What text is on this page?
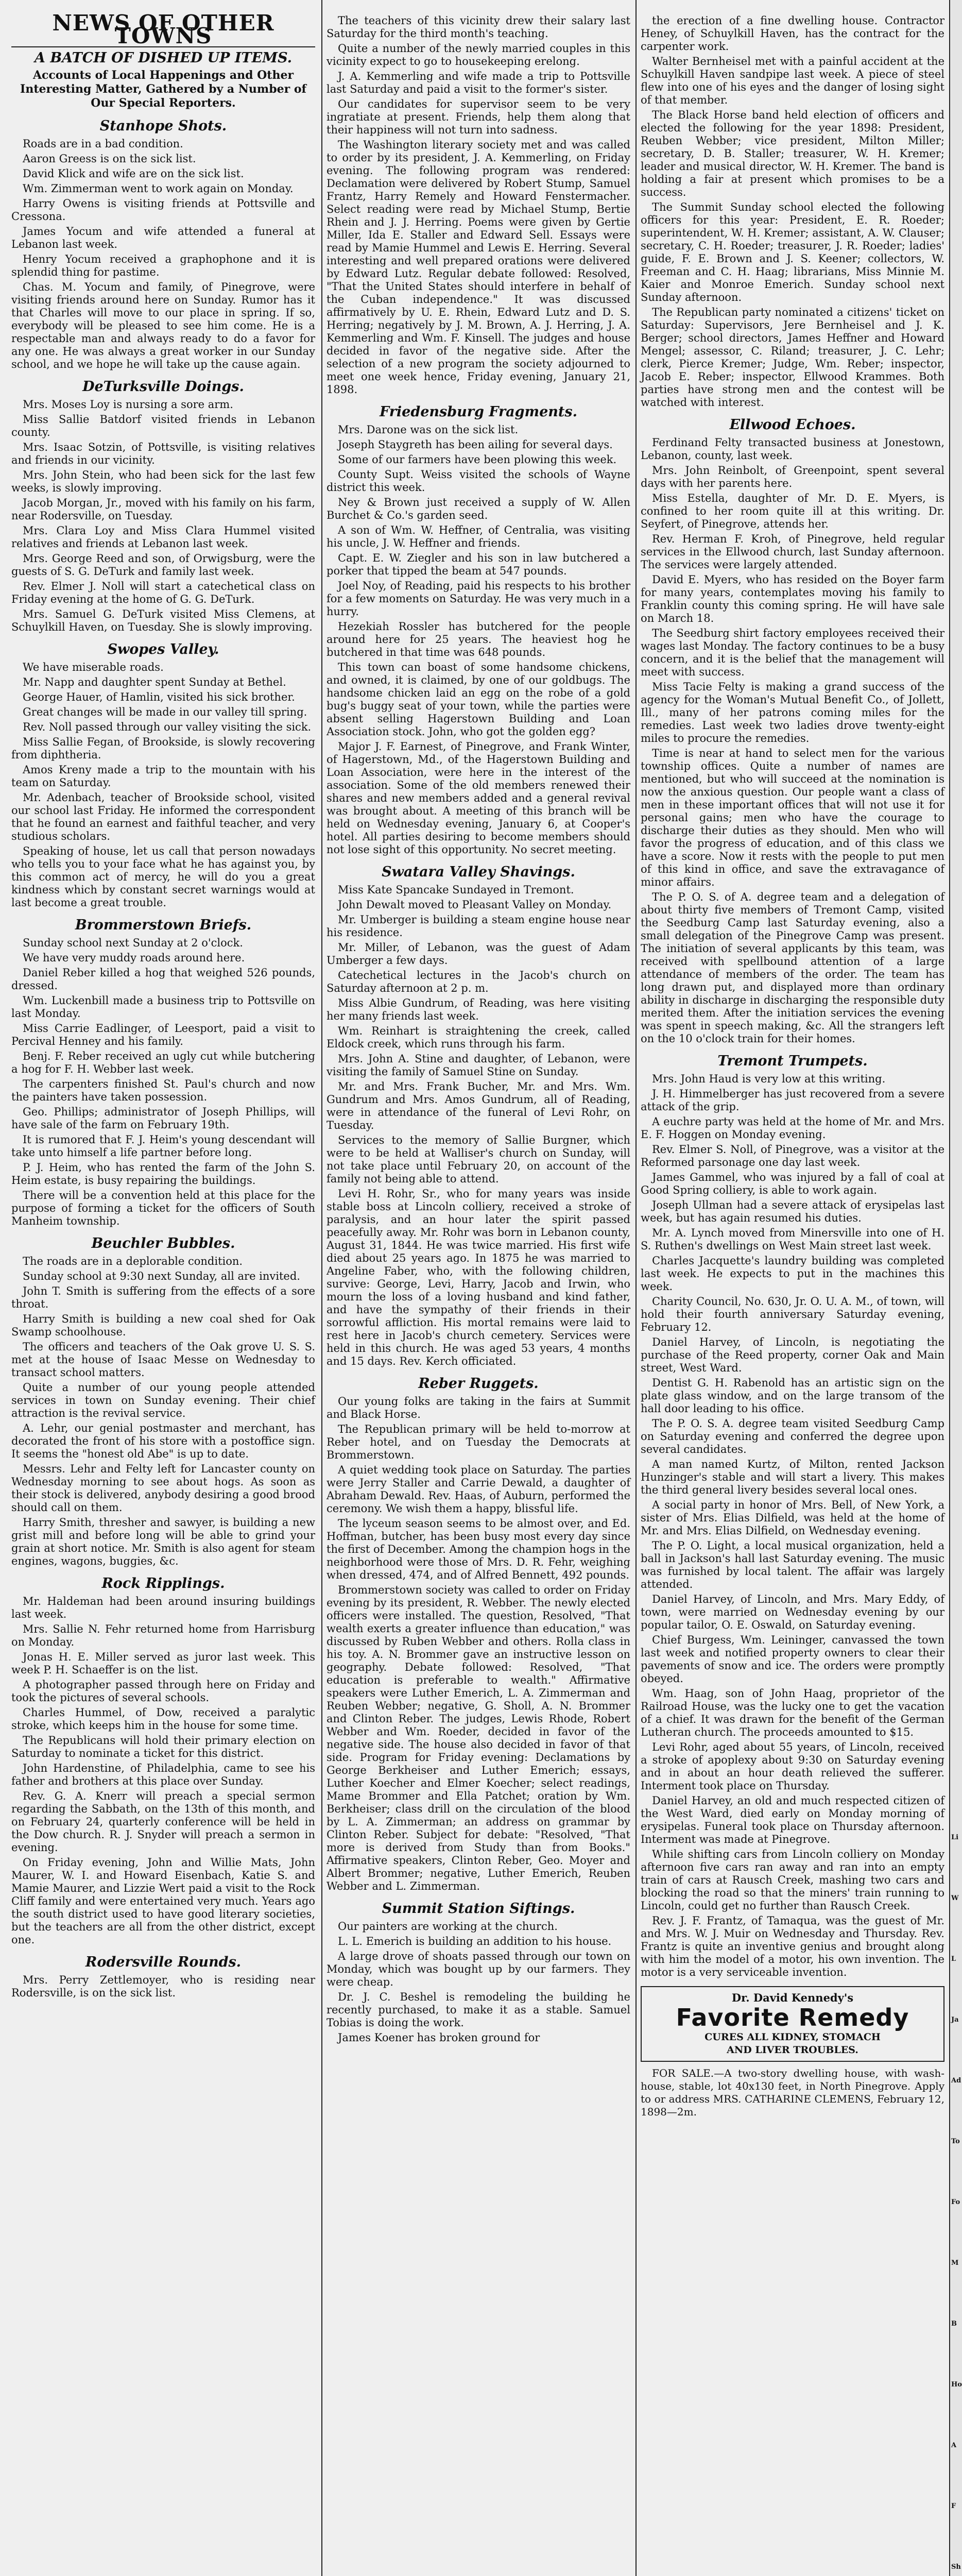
NEWS OF OTHER TOWNS
A BATCH OF DISHED UP ITEMS.
Accounts of Local Happenings and Other Interesting Matter, Gathered by a Number of Our Special Reporters.
Stanhope Shots.

Roads are in a bad condition.

Aaron Greess is on the sick list.

David Klick and wife are on the sick list.

Wm. Zimmerman went to work again on Monday.

Harry Owens is visiting friends at Pottsville and Cressona.

James Yocum and wife attended a funeral at Lebanon last week.

Henry Yocum received a graphophone and it is splendid thing for pastime.

Chas. M. Yocum and family, of Pinegrove, were visiting friends around here on Sunday. Rumor has it that Charles will move to our place in spring. If so, everybody will be pleased to see him come. He is a respectable man and always ready to do a favor for any one. He was always a great worker in our Sunday school, and we hope he will take up the cause again.

DeTurksville Doings.

Mrs. Moses Loy is nursing a sore arm.

Miss Sallie Batdorf visited friends in Lebanon county.

Mrs. Isaac Sotzin, of Pottsville, is visiting relatives and friends in our vicinity.

Mrs. John Stein, who had been sick for the last few weeks, is slowly improving.

Jacob Morgan, Jr., moved with his family on his farm, near Rodersville, on Tuesday.

Mrs. Clara Loy and Miss Clara Hummel visited relatives and friends at Lebanon last week.

Mrs. George Reed and son, of Orwigsburg, were the guests of S. G. DeTurk and family last week.

Rev. Elmer J. Noll will start a catechetical class on Friday evening at the home of G. G. DeTurk.

Mrs. Samuel G. DeTurk visited Miss Clemens, at Schuylkill Haven, on Tuesday. She is slowly improving.

Swopes Valley.

We have miserable roads.

Mr. Napp and daughter spent Sunday at Bethel.

George Hauer, of Hamlin, visited his sick brother.

Great changes will be made in our valley till spring.

Rev. Noll passed through our valley visiting the sick.

Miss Sallie Fegan, of Brookside, is slowly recovering from diphtheria.

Amos Kreny made a trip to the mountain with his team on Saturday.

Mr. Adenbach, teacher of Brookside school, visited our school last Friday. He informed the correspondent that he found an earnest and faithful teacher, and very studious scholars.

Speaking of house, let us call that person nowadays who tells you to your face what he has against you, by this common act of mercy, he will do you a great kindness which by constant secret warnings would at last become a great trouble.

Brommerstown Briefs.

Sunday school next Sunday at 2 o'clock.

We have very muddy roads around here.

Daniel Reber killed a hog that weighed 526 pounds, dressed.

Wm. Luckenbill made a business trip to Pottsville on last Monday.

Miss Carrie Eadlinger, of Leesport, paid a visit to Percival Henney and his family.

Benj. F. Reber received an ugly cut while butchering a hog for F. H. Webber last week.

The carpenters finished St. Paul's church and now the painters have taken possession.

Geo. Phillips; administrator of Joseph Phillips, will have sale of the farm on February 19th.

It is rumored that F. J. Heim's young descendant will take unto himself a life partner before long.

P. J. Heim, who has rented the farm of the John S. Heim estate, is busy repairing the buildings.

There will be a convention held at this place for the purpose of forming a ticket for the officers of South Manheim township.

Beuchler Bubbles.

The roads are in a deplorable condition.

Sunday school at 9:30 next Sunday, all are invited.

John T. Smith is suffering from the effects of a sore throat.

Harry Smith is building a new coal shed for Oak Swamp schoolhouse.

The officers and teachers of the Oak grove U. S. S. met at the house of Isaac Messe on Wednesday to transact school matters.

Quite a number of our young people attended services in town on Sunday evening. Their chief attraction is the revival service.

A. Lehr, our genial postmaster and merchant, has decorated the front of his store with a postoffice sign. It seems the "honest old Abe" is up to date.

Messrs. Lehr and Felty left for Lancaster county on Wednesday morning to see about hogs. As soon as their stock is delivered, anybody desiring a good brood should call on them.

Harry Smith, thresher and sawyer, is building a new grist mill and before long will be able to grind your grain at short notice. Mr. Smith is also agent for steam engines, wagons, buggies, &c.

Rock Ripplings.

Mr. Haldeman had been around insuring buildings last week.

Mrs. Sallie N. Fehr returned home from Harrisburg on Monday.

Jonas H. E. Miller served as juror last week. This week P. H. Schaeffer is on the list.

A photographer passed through here on Friday and took the pictures of several schools.

Charles Hummel, of Dow, received a paralytic stroke, which keeps him in the house for some time.

The Republicans will hold their primary election on Saturday to nominate a ticket for this district.

John Hardenstine, of Philadelphia, came to see his father and brothers at this place over Sunday.

Rev. G. A. Knerr will preach a special sermon regarding the Sabbath, on the 13th of this month, and on February 24, quarterly conference will be held in the Dow church. R. J. Snyder will preach a sermon in evening.

On Friday evening, John and Willie Mats, John Maurer, W. I. and Howard Eisenbach, Katie S. and Mamie Maurer, and Lizzie Wert paid a visit to the Rock Cliff family and were entertained very much. Years ago the south district used to have good literary societies, but the teachers are all from the other district, except one.

Rodersville Rounds.

Mrs. Perry Zettlemoyer, who is residing near Rodersville, is on the sick list.

The teachers of this vicinity drew their salary last Saturday for the third month's teaching.

Quite a number of the newly married couples in this vicinity expect to go to housekeeping erelong.

J. A. Kemmerling and wife made a trip to Pottsville last Saturday and paid a visit to the former's sister.

Our candidates for supervisor seem to be very ingratiate at present. Friends, help them along that their happiness will not turn into sadness.

The Washington literary society met and was called to order by its president, J. A. Kemmerling, on Friday evening. The following program was rendered: Declamation were delivered by Robert Stump, Samuel Frantz, Harry Remely and Howard Fenstermacher. Select reading were read by Michael Stump, Bertie Rhein and J. J. Herring. Poems were given by Gertie Miller, Ida E. Staller and Edward Sell. Essays were read by Mamie Hummel and Lewis E. Herring. Several interesting and well prepared orations were delivered by Edward Lutz. Regular debate followed: Resolved, "That the United States should interfere in behalf of the Cuban independence." It was discussed affirmatively by U. E. Rhein, Edward Lutz and D. S. Herring; negatively by J. M. Brown, A. J. Herring, J. A. Kemmerling and Wm. F. Kinsell. The judges and house decided in favor of the negative side. After the selection of a new program the society adjourned to meet one week hence, Friday evening, January 21, 1898.

Friedensburg Fragments.

Mrs. Darone was on the sick list.

Joseph Staygreth has been ailing for several days.

Some of our farmers have been plowing this week.

County Supt. Weiss visited the schools of Wayne district this week.

Ney & Brown just received a supply of W. Allen Burchet & Co.'s garden seed.

A son of Wm. W. Heffner, of Centralia, was visiting his uncle, J. W. Heffner and friends.

Capt. E. W. Ziegler and his son in law butchered a porker that tipped the beam at 547 pounds.

Joel Noy, of Reading, paid his respects to his brother for a few moments on Saturday. He was very much in a hurry.

Hezekiah Rossler has butchered for the people around here for 25 years. The heaviest hog he butchered in that time was 648 pounds.

This town can boast of some handsome chickens, and owned, it is claimed, by one of our goldbugs. The handsome chicken laid an egg on the robe of a gold bug's buggy seat of your town, while the parties were absent selling Hagerstown Building and Loan Association stock. John, who got the golden egg?

Major J. F. Earnest, of Pinegrove, and Frank Winter, of Hagerstown, Md., of the Hagerstown Building and Loan Association, were here in the interest of the association. Some of the old members renewed their shares and new members added and a general revival was brought about. A meeting of this branch will be held on Wednesday evening, January 6, at Cooper's hotel. All parties desiring to become members should not lose sight of this opportunity. No secret meeting.

Swatara Valley Shavings.

Miss Kate Spancake Sundayed in Tremont.

John Dewalt moved to Pleasant Valley on Monday.

Mr. Umberger is building a steam engine house near his residence.

Mr. Miller, of Lebanon, was the guest of Adam Umberger a few days.

Catechetical lectures in the Jacob's church on Saturday afternoon at 2 p. m.

Miss Albie Gundrum, of Reading, was here visiting her many friends last week.

Wm. Reinhart is straightening the creek, called Eldock creek, which runs through his farm.

Mrs. John A. Stine and daughter, of Lebanon, were visiting the family of Samuel Stine on Sunday.

Mr. and Mrs. Frank Bucher, Mr. and Mrs. Wm. Gundrum and Mrs. Amos Gundrum, all of Reading, were in attendance of the funeral of Levi Rohr, on Tuesday.

Services to the memory of Sallie Burgner, which were to be held at Walliser's church on Sunday, will not take place until February 20, on account of the family not being able to attend.

Levi H. Rohr, Sr., who for many years was inside stable boss at Lincoln colliery, received a stroke of paralysis, and an hour later the spirit passed peacefully away. Mr. Rohr was born in Lebanon county, August 31, 1844. He was twice married. His first wife died about 25 years ago. In 1875 he was married to Angeline Faber, who, with the following children, survive: George, Levi, Harry, Jacob and Irwin, who mourn the loss of a loving husband and kind father, and have the sympathy of their friends in their sorrowful affliction. His mortal remains were laid to rest here in Jacob's church cemetery. Services were held in this church. He was aged 53 years, 4 months and 15 days. Rev. Kerch officiated.

Reber Ruggets.

Our young folks are taking in the fairs at Summit and Black Horse.

The Republican primary will be held to-morrow at Reber hotel, and on Tuesday the Democrats at Brommerstown.

A quiet wedding took place on Saturday. The parties were Jerry Staller and Carrie Dewald, a daughter of Abraham Dewald. Rev. Haas, of Auburn, performed the ceremony. We wish them a happy, blissful life.

The lyceum season seems to be almost over, and Ed. Hoffman, butcher, has been busy most every day since the first of December. Among the champion hogs in the neighborhood were those of Mrs. D. R. Fehr, weighing when dressed, 474, and of Alfred Bennett, 492 pounds.

Brommerstown society was called to order on Friday evening by its president, R. Webber. The newly elected officers were installed. The question, Resolved, "That wealth exerts a greater influence than education," was discussed by Ruben Webber and others. Rolla class in his toy. A. N. Brommer gave an instructive lesson on geography. Debate followed: Resolved, "That education is preferable to wealth." Affirmative speakers were Luther Emerich, L. A. Zimmerman and Reuben Webber; negative, G. Sholl, A. N. Brommer and Clinton Reber. The judges, Lewis Rhode, Robert Webber and Wm. Roeder, decided in favor of the negative side. The house also decided in favor of that side. Program for Friday evening: Declamations by George Berkheiser and Luther Emerich; essays, Luther Koecher and Elmer Koecher; select readings, Mame Brommer and Ella Patchet; oration by Wm. Berkheiser; class drill on the circulation of the blood by L. A. Zimmerman; an address on grammar by Clinton Reber. Subject for debate: "Resolved, "That more is derived from Study than from Books." Affirmative speakers, Clinton Reber, Geo. Moyer and Albert Brommer; negative, Luther Emerich, Reuben Webber and L. Zimmerman.

Summit Station Siftings.

Our painters are working at the church.

L. L. Emerich is building an addition to his house.

A large drove of shoats passed through our town on Monday, which was bought up by our farmers. They were cheap.

Dr. J. C. Beshel is remodeling the building he recently purchased, to make it as a stable. Samuel Tobias is doing the work.

James Koener has broken ground for

the erection of a fine dwelling house. Contractor Heney, of Schuylkill Haven, has the contract for the carpenter work.

Walter Bernheisel met with a painful accident at the Schuylkill Haven sandpipe last week. A piece of steel flew into one of his eyes and the danger of losing sight of that member.

The Black Horse band held election of officers and elected the following for the year 1898: President, Reuben Webber; vice president, Milton Miller; secretary, D. B. Staller; treasurer, W. H. Kremer; leader and musical director, W. H. Kremer. The band is holding a fair at present which promises to be a success.

The Summit Sunday school elected the following officers for this year: President, E. R. Roeder; superintendent, W. H. Kremer; assistant, A. W. Clauser; secretary, C. H. Roeder; treasurer, J. R. Roeder; ladies' guide, F. E. Brown and J. S. Keener; collectors, W. Freeman and C. H. Haag; librarians, Miss Minnie M. Kaier and Monroe Emerich. Sunday school next Sunday afternoon.

The Republican party nominated a citizens' ticket on Saturday: Supervisors, Jere Bernheisel and J. K. Berger; school directors, James Heffner and Howard Mengel; assessor, C. Riland; treasurer, J. C. Lehr; clerk, Pierce Kremer; Judge, Wm. Reber; inspector, Jacob E. Reber; inspector, Ellwood Krammes. Both parties have strong men and the contest will be watched with interest.

Ellwood Echoes.

Ferdinand Felty transacted business at Jonestown, Lebanon, county, last week.

Mrs. John Reinbolt, of Greenpoint, spent several days with her parents here.

Miss Estella, daughter of Mr. D. E. Myers, is confined to her room quite ill at this writing. Dr. Seyfert, of Pinegrove, attends her.

Rev. Herman F. Kroh, of Pinegrove, held regular services in the Ellwood church, last Sunday afternoon. The services were largely attended.

David E. Myers, who has resided on the Boyer farm for many years, contemplates moving his family to Franklin county this coming spring. He will have sale on March 18.

The Seedburg shirt factory employees received their wages last Monday. The factory continues to be a busy concern, and it is the belief that the management will meet with success.

Miss Tacie Felty is making a grand success of the agency for the Woman's Mutual Benefit Co., of Jollett, Ill., many of her patrons coming miles for the remedies. Last week two ladies drove twenty-eight miles to procure the remedies.

Time is near at hand to select men for the various township offices. Quite a number of names are mentioned, but who will succeed at the nomination is now the anxious question. Our people want a class of men in these important offices that will not use it for personal gains; men who have the courage to discharge their duties as they should. Men who will favor the progress of education, and of this class we have a score. Now it rests with the people to put men of this kind in office, and save the extravagance of minor affairs.

The P. O. S. of A. degree team and a delegation of about thirty five members of Tremont Camp, visited the Seedburg Camp last Saturday evening, also a small delegation of the Pinegrove Camp was present. The initiation of several applicants by this team, was received with spellbound attention of a large attendance of members of the order. The team has long drawn put, and displayed more than ordinary ability in discharge in discharging the responsible duty merited them. After the initiation services the evening was spent in speech making, &c. All the strangers left on the 10 o'clock train for their homes.

Tremont Trumpets.

Mrs. John Haud is very low at this writing.

J. H. Himmelberger has just recovered from a severe attack of the grip.

A euchre party was held at the home of Mr. and Mrs. E. F. Hoggen on Monday evening.

Rev. Elmer S. Noll, of Pinegrove, was a visitor at the Reformed parsonage one day last week.

James Gammel, who was injured by a fall of coal at Good Spring colliery, is able to work again.

Joseph Ullman had a severe attack of erysipelas last week, but has again resumed his duties.

Mr. A. Lynch moved from Minersville into one of H. S. Ruthen's dwellings on West Main street last week.

Charles Jacquette's laundry building was completed last week. He expects to put in the machines this week.

Charity Council, No. 630, Jr. O. U. A. M., of town, will hold their fourth anniversary Saturday evening, February 12.

Daniel Harvey, of Lincoln, is negotiating the purchase of the Reed property, corner Oak and Main street, West Ward.

Dentist G. H. Rabenold has an artistic sign on the plate glass window, and on the large transom of the hall door leading to his office.

The P. O. S. A. degree team visited Seedburg Camp on Saturday evening and conferred the degree upon several candidates.

A man named Kurtz, of Milton, rented Jackson Hunzinger's stable and will start a livery. This makes the third general livery besides several local ones.

A social party in honor of Mrs. Bell, of New York, a sister of Mrs. Elias Dilfield, was held at the home of Mr. and Mrs. Elias Dilfield, on Wednesday evening.

The P. O. Light, a local musical organization, held a ball in Jackson's hall last Saturday evening. The music was furnished by local talent. The affair was largely attended.

Daniel Harvey, of Lincoln, and Mrs. Mary Eddy, of town, were married on Wednesday evening by our popular tailor, O. E. Oswald, on Saturday evening.

Chief Burgess, Wm. Leininger, canvassed the town last week and notified property owners to clear their pavements of snow and ice. The orders were promptly obeyed.

Wm. Haag, son of John Haag, proprietor of the Railroad House, was the lucky one to get the vacation of a chief. It was drawn for the benefit of the German Lutheran church. The proceeds amounted to $15.

Levi Rohr, aged about 55 years, of Lincoln, received a stroke of apoplexy about 9:30 on Saturday evening and in about an hour death relieved the sufferer. Interment took place on Thursday.

Daniel Harvey, an old and much respected citizen of the West Ward, died early on Monday morning of erysipelas. Funeral took place on Thursday afternoon. Interment was made at Pinegrove.

While shifting cars from Lincoln colliery on Monday afternoon five cars ran away and ran into an empty train of cars at Rausch Creek, mashing two cars and blocking the road so that the miners' train running to Lincoln, could get no further than Rausch Creek.

Rev. J. F. Frantz, of Tamaqua, was the guest of Mr. and Mrs. W. J. Muir on Wednesday and Thursday. Rev. Frantz is quite an inventive genius and brought along with him the model of a motor, his own invention. The motor is a very serviceable invention.

Dr. David Kennedy's
Favorite Remedy
CURES ALL KIDNEY, STOMACH
AND LIVER TROUBLES.
FOR SALE.—A two-story dwelling house, with wash-house, stable, lot 40x130 feet, in North Pinegrove. Apply to or address MRS. CATHARINE CLEMENS, February 12, 1898—2m.
Li
W
L
Ja
Ad
To
Fo
M
B
Ho
A
F
Sh
